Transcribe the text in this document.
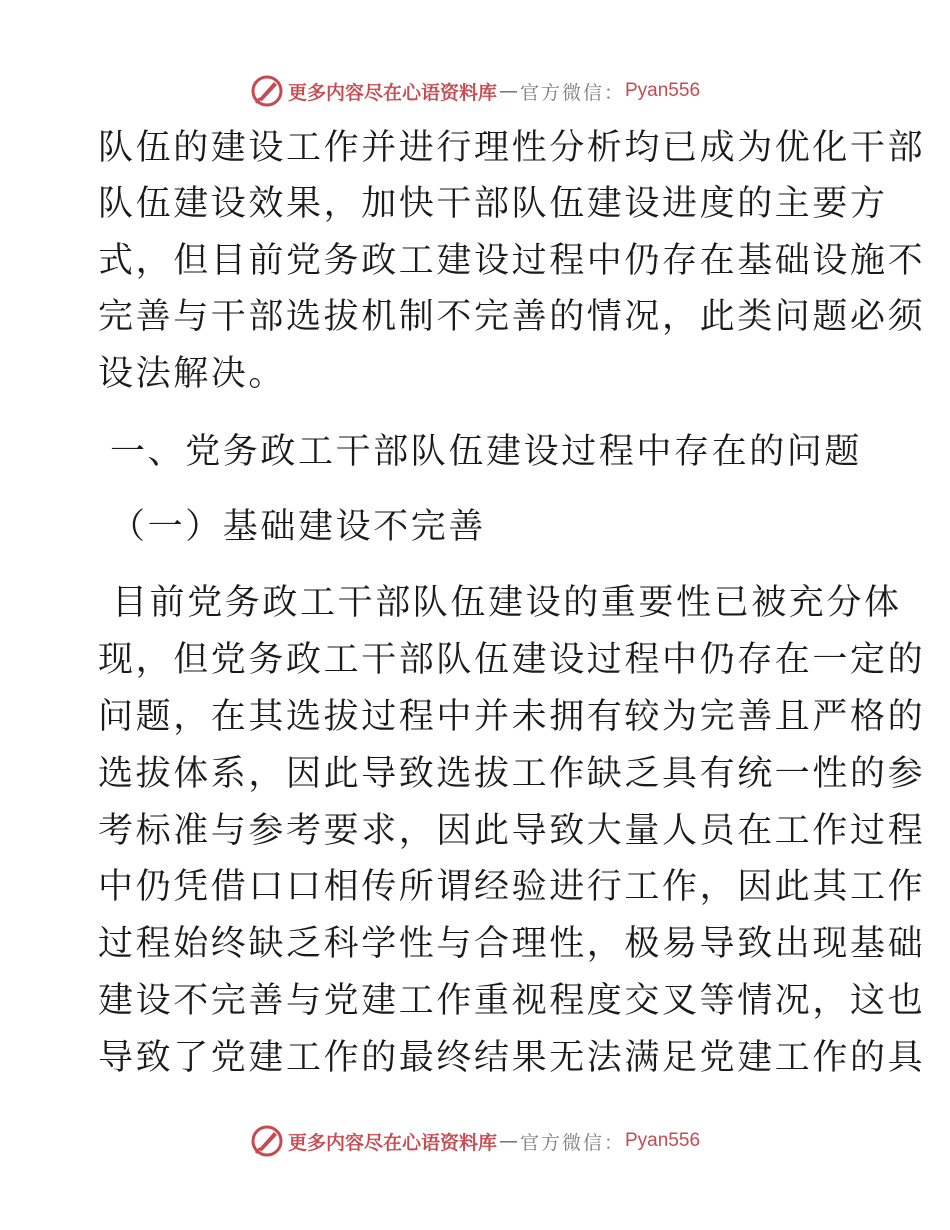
更多内容尽在心语资料库 — 官方微信： Pyan556
队伍的建设工作并进行理性分析均已成为优化干部
队伍建设效果，加快干部队伍建设进度的主要方
式，但目前党务政工建设过程中仍存在基础设施不
完善与干部选拔机制不完善的情况，此类问题必须
设法解决。
一、党务政工干部队伍建设过程中存在的问题
（一）基础建设不完善
目前党务政工干部队伍建设的重要性已被充分体
现，但党务政工干部队伍建设过程中仍存在一定的
问题，在其选拔过程中并未拥有较为完善且严格的
选拔体系，因此导致选拔工作缺乏具有统一性的参
考标准与参考要求，因此导致大量人员在工作过程
中仍凭借口口相传所谓经验进行工作，因此其工作
过程始终缺乏科学性与合理性，极易导致出现基础
建设不完善与党建工作重视程度交叉等情况，这也
导致了党建工作的最终结果无法满足党建工作的具
更多内容尽在心语资料库 — 官方微信： Pyan556
